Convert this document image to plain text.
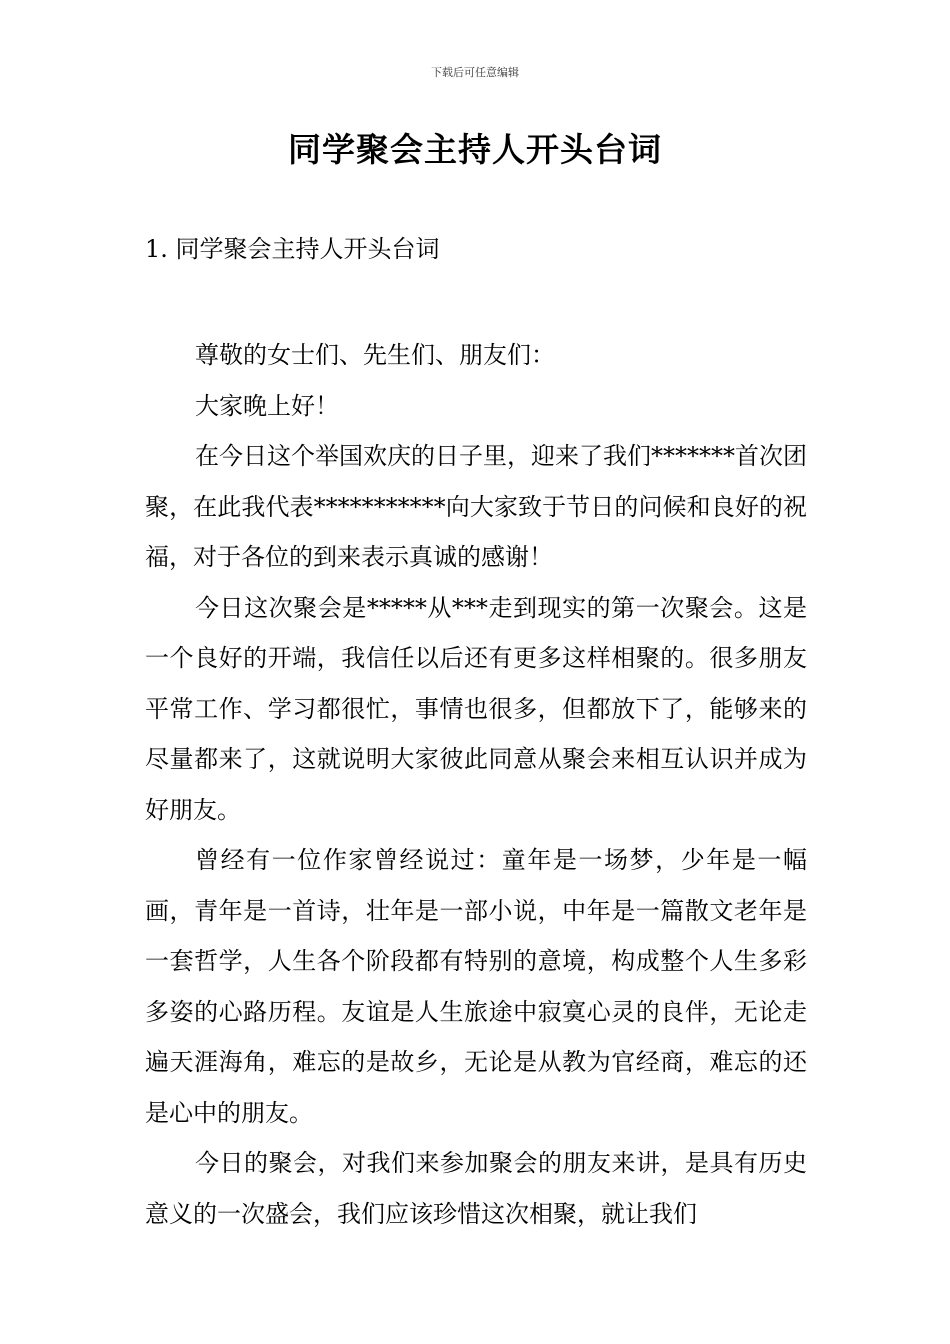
下载后可任意编辑
同学聚会主持人开头台词
1. 同学聚会主持人开头台词

尊敬的女士们、先生们、朋友们：

大家晚上好！

在今日这个举国欢庆的日子里，迎来了我们*******首次团聚，在此我代表***********向大家致于节日的问候和良好的祝福，对于各位的到来表示真诚的感谢！

今日这次聚会是*****从***走到现实的第一次聚会。这是一个良好的开端，我信任以后还有更多这样相聚的。很多朋友平常工作、学习都很忙，事情也很多，但都放下了，能够来的尽量都来了，这就说明大家彼此同意从聚会来相互认识并成为好朋友。

曾经有一位作家曾经说过：童年是一场梦，少年是一幅画，青年是一首诗，壮年是一部小说，中年是一篇散文老年是一套哲学，人生各个阶段都有特别的意境，构成整个人生多彩多姿的心路历程。友谊是人生旅途中寂寞心灵的良伴，无论走遍天涯海角，难忘的是故乡，无论是从教为官经商，难忘的还是心中的朋友。

今日的聚会，对我们来参加聚会的朋友来讲，是具有历史意义的一次盛会，我们应该珍惜这次相聚，就让我们
